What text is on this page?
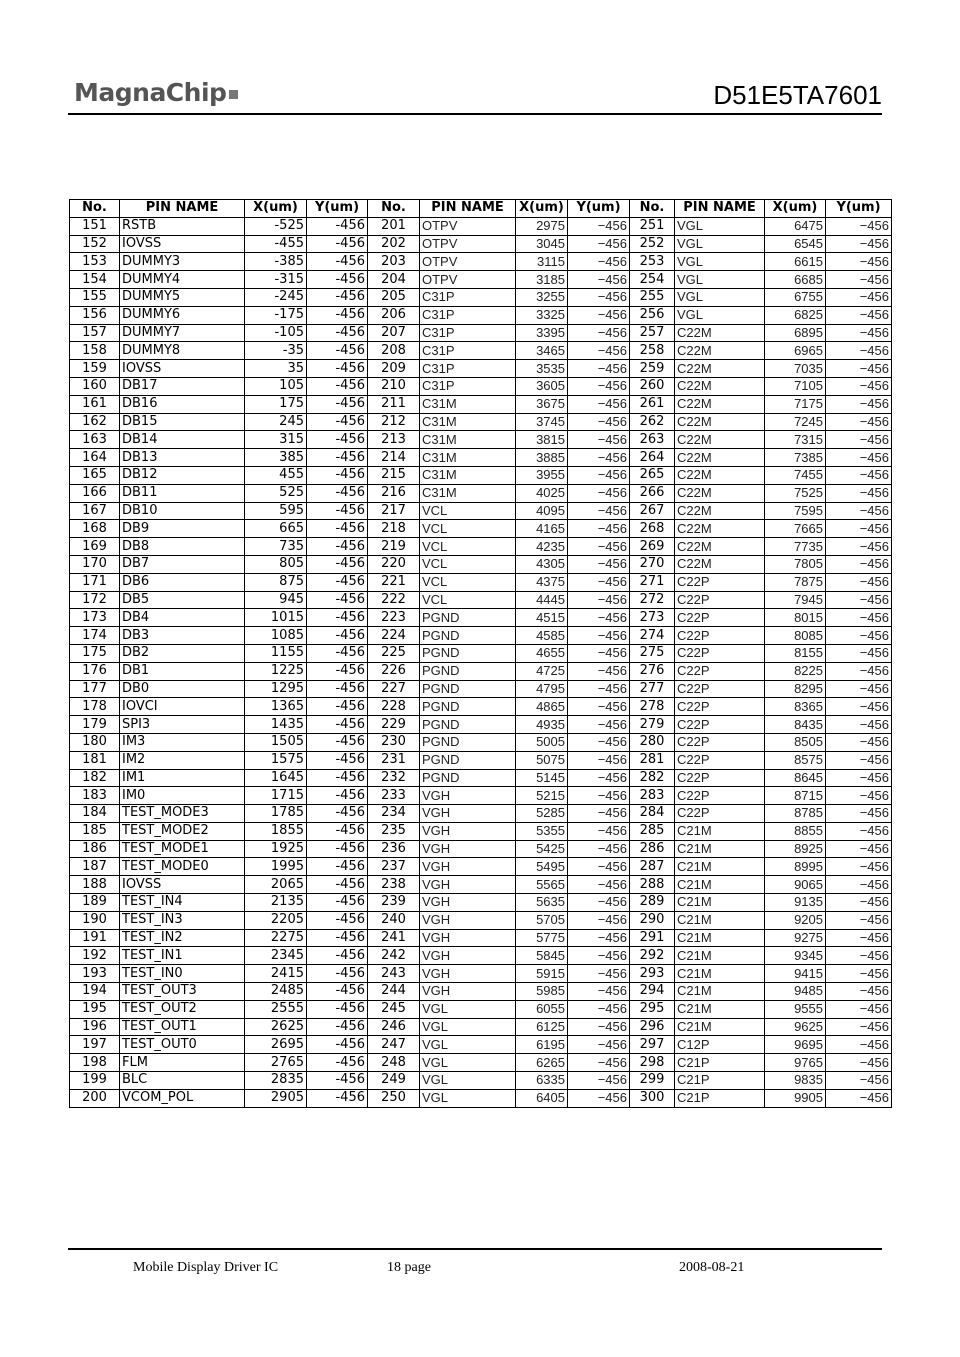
MagnaChip	D51E5TA7601
No.	PIN NAME	X(um)	Y(um)	No.	PIN NAME	X(um)	Y(um)	No.	PIN NAME	X(um)	Y(um)
151	RSTB	-525	-456	201	OTPV	2975	−456	251	VGL	6475	−456
152	IOVSS	-455	-456	202	OTPV	3045	−456	252	VGL	6545	−456
153	DUMMY3	-385	-456	203	OTPV	3115	−456	253	VGL	6615	−456
154	DUMMY4	-315	-456	204	OTPV	3185	−456	254	VGL	6685	−456
155	DUMMY5	-245	-456	205	C31P	3255	−456	255	VGL	6755	−456
156	DUMMY6	-175	-456	206	C31P	3325	−456	256	VGL	6825	−456
157	DUMMY7	-105	-456	207	C31P	3395	−456	257	C22M	6895	−456
158	DUMMY8	-35	-456	208	C31P	3465	−456	258	C22M	6965	−456
159	IOVSS	35	-456	209	C31P	3535	−456	259	C22M	7035	−456
160	DB17	105	-456	210	C31P	3605	−456	260	C22M	7105	−456
161	DB16	175	-456	211	C31M	3675	−456	261	C22M	7175	−456
162	DB15	245	-456	212	C31M	3745	−456	262	C22M	7245	−456
163	DB14	315	-456	213	C31M	3815	−456	263	C22M	7315	−456
164	DB13	385	-456	214	C31M	3885	−456	264	C22M	7385	−456
165	DB12	455	-456	215	C31M	3955	−456	265	C22M	7455	−456
166	DB11	525	-456	216	C31M	4025	−456	266	C22M	7525	−456
167	DB10	595	-456	217	VCL	4095	−456	267	C22M	7595	−456
168	DB9	665	-456	218	VCL	4165	−456	268	C22M	7665	−456
169	DB8	735	-456	219	VCL	4235	−456	269	C22M	7735	−456
170	DB7	805	-456	220	VCL	4305	−456	270	C22M	7805	−456
171	DB6	875	-456	221	VCL	4375	−456	271	C22P	7875	−456
172	DB5	945	-456	222	VCL	4445	−456	272	C22P	7945	−456
173	DB4	1015	-456	223	PGND	4515	−456	273	C22P	8015	−456
174	DB3	1085	-456	224	PGND	4585	−456	274	C22P	8085	−456
175	DB2	1155	-456	225	PGND	4655	−456	275	C22P	8155	−456
176	DB1	1225	-456	226	PGND	4725	−456	276	C22P	8225	−456
177	DB0	1295	-456	227	PGND	4795	−456	277	C22P	8295	−456
178	IOVCI	1365	-456	228	PGND	4865	−456	278	C22P	8365	−456
179	SPI3	1435	-456	229	PGND	4935	−456	279	C22P	8435	−456
180	IM3	1505	-456	230	PGND	5005	−456	280	C22P	8505	−456
181	IM2	1575	-456	231	PGND	5075	−456	281	C22P	8575	−456
182	IM1	1645	-456	232	PGND	5145	−456	282	C22P	8645	−456
183	IM0	1715	-456	233	VGH	5215	−456	283	C22P	8715	−456
184	TEST_MODE3	1785	-456	234	VGH	5285	−456	284	C22P	8785	−456
185	TEST_MODE2	1855	-456	235	VGH	5355	−456	285	C21M	8855	−456
186	TEST_MODE1	1925	-456	236	VGH	5425	−456	286	C21M	8925	−456
187	TEST_MODE0	1995	-456	237	VGH	5495	−456	287	C21M	8995	−456
188	IOVSS	2065	-456	238	VGH	5565	−456	288	C21M	9065	−456
189	TEST_IN4	2135	-456	239	VGH	5635	−456	289	C21M	9135	−456
190	TEST_IN3	2205	-456	240	VGH	5705	−456	290	C21M	9205	−456
191	TEST_IN2	2275	-456	241	VGH	5775	−456	291	C21M	9275	−456
192	TEST_IN1	2345	-456	242	VGH	5845	−456	292	C21M	9345	−456
193	TEST_IN0	2415	-456	243	VGH	5915	−456	293	C21M	9415	−456
194	TEST_OUT3	2485	-456	244	VGH	5985	−456	294	C21M	9485	−456
195	TEST_OUT2	2555	-456	245	VGL	6055	−456	295	C21M	9555	−456
196	TEST_OUT1	2625	-456	246	VGL	6125	−456	296	C21M	9625	−456
197	TEST_OUT0	2695	-456	247	VGL	6195	−456	297	C12P	9695	−456
198	FLM	2765	-456	248	VGL	6265	−456	298	C21P	9765	−456
199	BLC	2835	-456	249	VGL	6335	−456	299	C21P	9835	−456
200	VCOM_POL	2905	-456	250	VGL	6405	−456	300	C21P	9905	−456
Mobile Display Driver IC	18 page	2008-08-21
